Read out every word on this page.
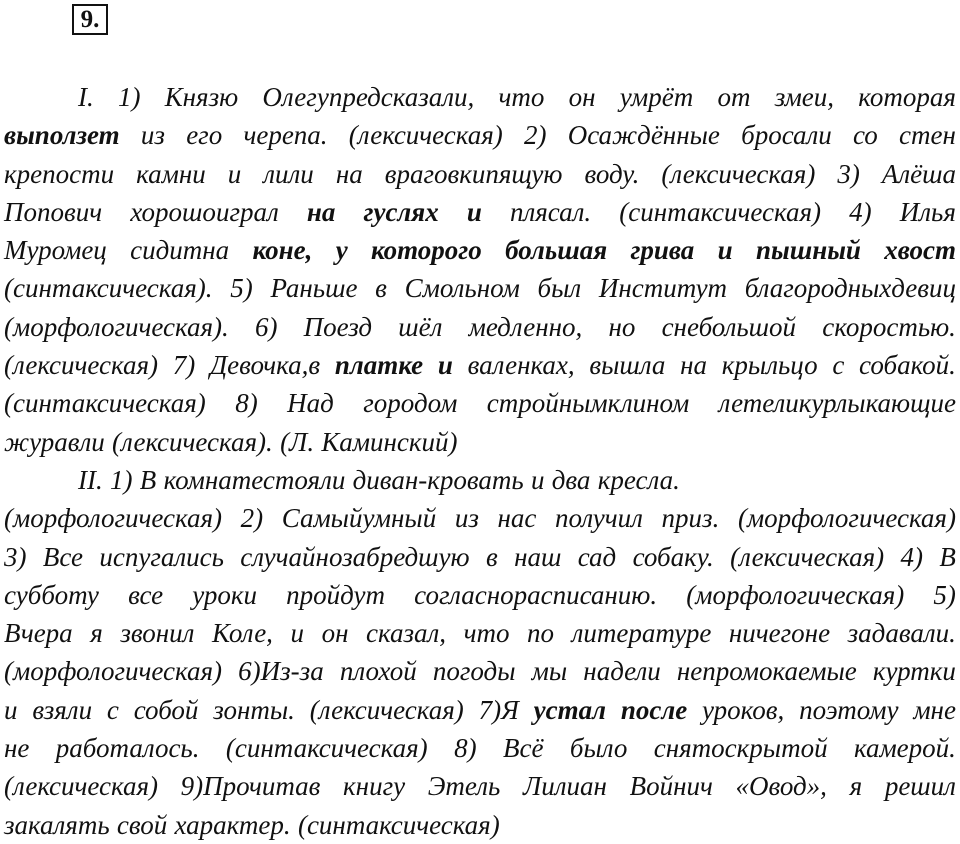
9.
I. 1) Князю Олегупредсказали, что он умрёт от змеи, которая
выползет из его черепа. (лексическая) 2) Осаждённые бросали со стен
крепости камни и лили на враговкипящую воду. (лексическая) 3) Алёша
Попович хорошоиграл на гуслях и плясал. (синтаксическая) 4) Илья
Муромец сидитна коне, у которого большая грива и пышный хвост
(синтаксическая). 5) Раньше в Смольном был Институт благородныхдевиц
(морфологическая). 6) Поезд шёл медленно, но снебольшой скоростью.
(лексическая) 7) Девочка,в платке и валенках, вышла на крыльцо с собакой.
(синтаксическая) 8) Над городом стройнымклином летеликурлыкающие
журавли (лексическая). (Л. Каминский)
II. 1) В комнатестояли диван-кровать и два кресла.
(морфологическая) 2) Самыйумный из нас получил приз. (морфологическая)
3) Все испугались случайнозабредшую в наш сад собаку. (лексическая) 4) В
субботу все уроки пройдут согласнорасписанию. (морфологическая) 5)
Вчера я звонил Коле, и он сказал, что по литературе ничегоне задавали.
(морфологическая) 6)Из-за плохой погоды мы надели непромокаемые куртки
и взяли с собой зонты. (лексическая) 7)Я устал после уроков, поэтому мне
не работалось. (синтаксическая) 8) Всё было снятоскрытой камерой.
(лексическая) 9)Прочитав книгу Этель Лилиан Войнич «Овод», я решил
закалять свой характер. (синтаксическая)
